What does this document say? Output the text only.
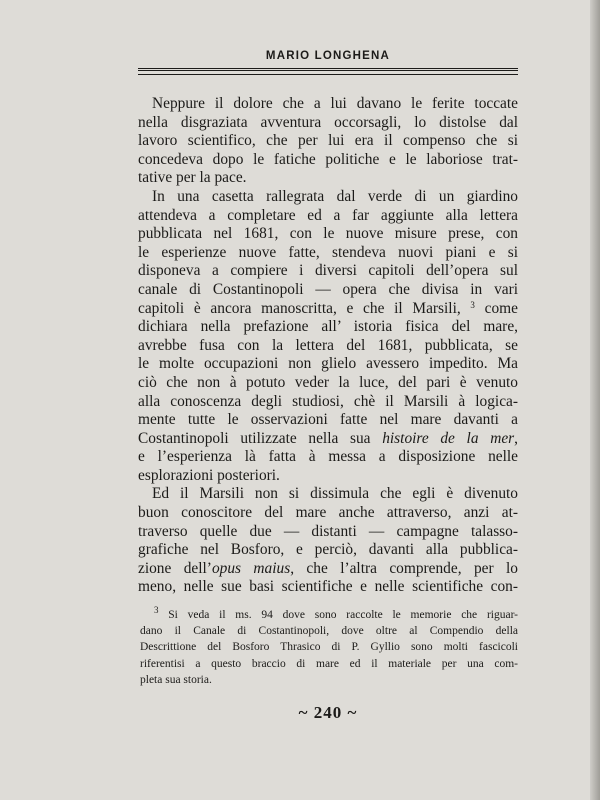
MARIO LONGHENA
Neppure il dolore che a lui davano le ferite toccate
nella disgraziata avventura occorsagli, lo distolse dal
lavoro scientifico, che per lui era il compenso che si
concedeva dopo le fatiche politiche e le laboriose trat-
tative per la pace.
In una casetta rallegrata dal verde di un giardino
attendeva a completare ed a far aggiunte alla lettera
pubblicata nel 1681, con le nuove misure prese, con
le esperienze nuove fatte, stendeva nuovi piani e si
disponeva a compiere i diversi capitoli dell’opera sul
canale di Costantinopoli — opera che divisa in vari
capitoli è ancora manoscritta, e che il Marsili, $^3$ come
dichiara nella prefazione all’ istoria fisica del mare,
avrebbe fusa con la lettera del 1681, pubblicata, se
le molte occupazioni non glielo avessero impedito. Ma
ciò che non à potuto veder la luce, del pari è venuto
alla conoscenza degli studiosi, chè il Marsili à logica-
mente tutte le osservazioni fatte nel mare davanti a
Costantinopoli utilizzate nella sua histoire de la mer,
e l’esperienza là fatta à messa a disposizione nelle
esplorazioni posteriori.
Ed il Marsili non si dissimula che egli è divenuto
buon conoscitore del mare anche attraverso, anzi at-
traverso quelle due — distanti — campagne talasso-
grafiche nel Bosforo, e perciò, davanti alla pubblica-
zione dell’opus maius, che l’altra comprende, per lo
meno, nelle sue basi scientifiche e nelle scientifiche con-
$^3$ Si veda il ms. 94 dove sono raccolte le memorie che riguar-
dano il Canale di Costantinopoli, dove oltre al Compendio della
Descrittione del Bosforo Thrasico di P. Gyllio sono molti fascicoli
riferentisi a questo braccio di mare ed il materiale per una com-
pleta sua storia.
~ 240 ~
